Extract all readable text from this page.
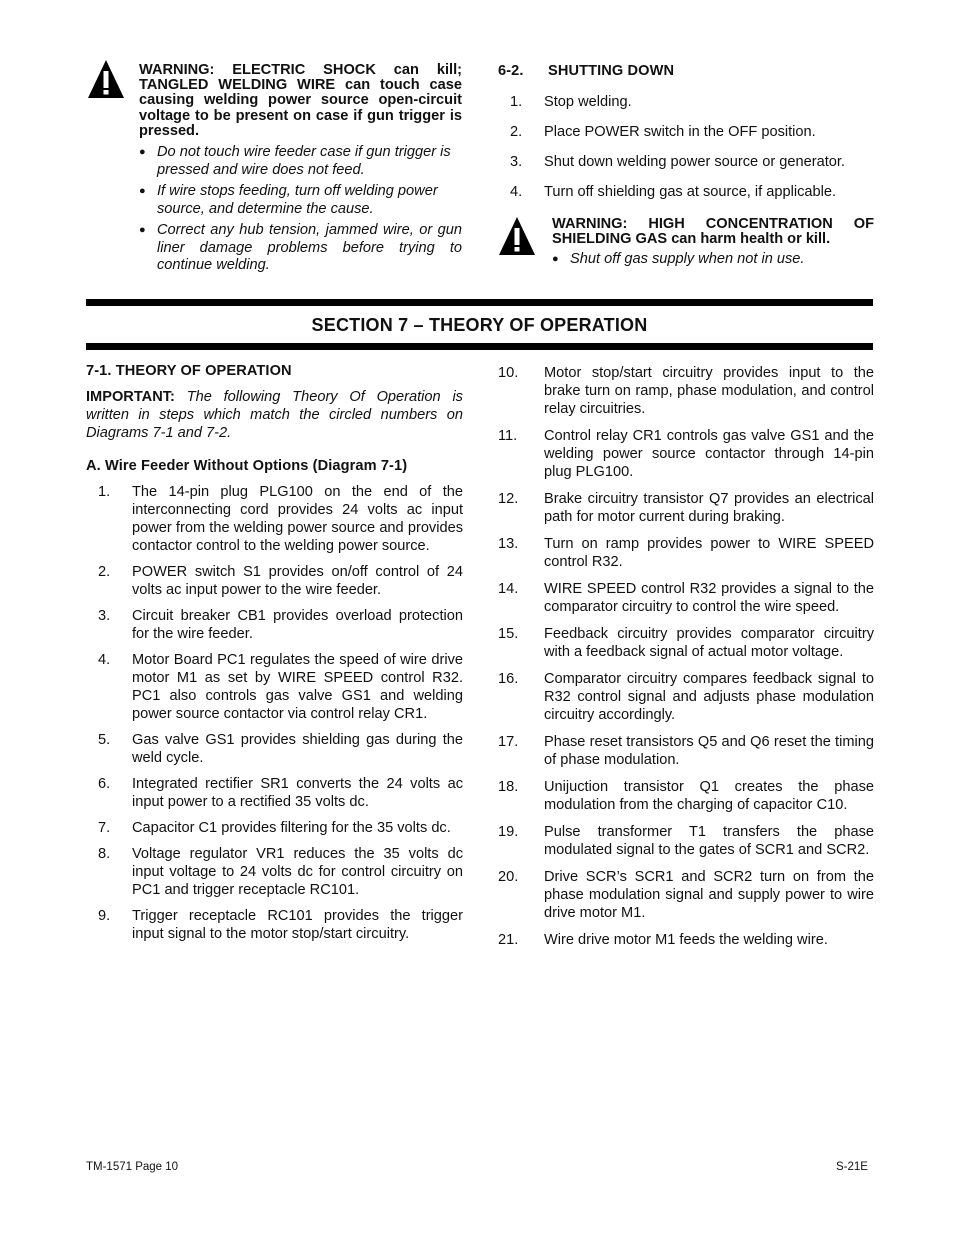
WARNING: ELECTRIC SHOCK can kill; TANGLED WELDING WIRE can touch case causing welding power source open-circuit voltage to be present on case if gun trigger is pressed.
● Do not touch wire feeder case if gun trigger is pressed and wire does not feed.
● If wire stops feeding, turn off welding power source, and determine the cause.
● Correct any hub tension, jammed wire, or gun liner damage problems before trying to continue welding.
6-2. SHUTTING DOWN
1.	Stop welding.
2.	Place POWER switch in the OFF position.
3.	Shut down welding power source or generator.
4.	Turn off shielding gas at source, if applicable.
WARNING: HIGH CONCENTRATION OF SHIELDING GAS can harm health or kill.
● Shut off gas supply when not in use.
SECTION 7 – THEORY OF OPERATION
7-1. THEORY OF OPERATION
IMPORTANT: The following Theory Of Operation is written in steps which match the circled numbers on Diagrams 7-1 and 7-2.
A. Wire Feeder Without Options (Diagram 7-1)
1.	The 14-pin plug PLG100 on the end of the interconnecting cord provides 24 volts ac input power from the welding power source and provides contactor control to the welding power source.
2.	POWER switch S1 provides on/off control of 24 volts ac input power to the wire feeder.
3.	Circuit breaker CB1 provides overload protection for the wire feeder.
4.	Motor Board PC1 regulates the speed of wire drive motor M1 as set by WIRE SPEED control R32. PC1 also controls gas valve GS1 and welding power source contactor via control relay CR1.
5.	Gas valve GS1 provides shielding gas during the weld cycle.
6.	Integrated rectifier SR1 converts the 24 volts ac input power to a rectified 35 volts dc.
7.	Capacitor C1 provides filtering for the 35 volts dc.
8.	Voltage regulator VR1 reduces the 35 volts dc input voltage to 24 volts dc for control circuitry on PC1 and trigger receptacle RC101.
9.	Trigger receptacle RC101 provides the trigger input signal to the motor stop/start circuitry.
10. Motor stop/start circuitry provides input to the brake turn on ramp, phase modulation, and control relay circuitries.
11.	Control relay CR1 controls gas valve GS1 and the welding power source contactor through 14-pin plug PLG100.
12. Brake circuitry transistor Q7 provides an electrical path for motor current during braking.
13. Turn on ramp provides power to WIRE SPEED control R32.
14. WIRE SPEED control R32 provides a signal to the comparator circuitry to control the wire speed.
15. Feedback circuitry provides comparator circuitry with a feedback signal of actual motor voltage.
16. Comparator circuitry compares feedback signal to R32 control signal and adjusts phase modulation circuitry accordingly.
17. Phase reset transistors Q5 and Q6 reset the timing of phase modulation.
18. Unijuction transistor Q1 creates the phase modulation from the charging of capacitor C10.
19. Pulse transformer T1 transfers the phase modulated signal to the gates of SCR1 and SCR2.
20. Drive SCR’s SCR1 and SCR2 turn on from the phase modulation signal and supply power to wire drive motor M1.
21. Wire drive motor M1 feeds the welding wire.
TM-1571 Page 10	S-21E
